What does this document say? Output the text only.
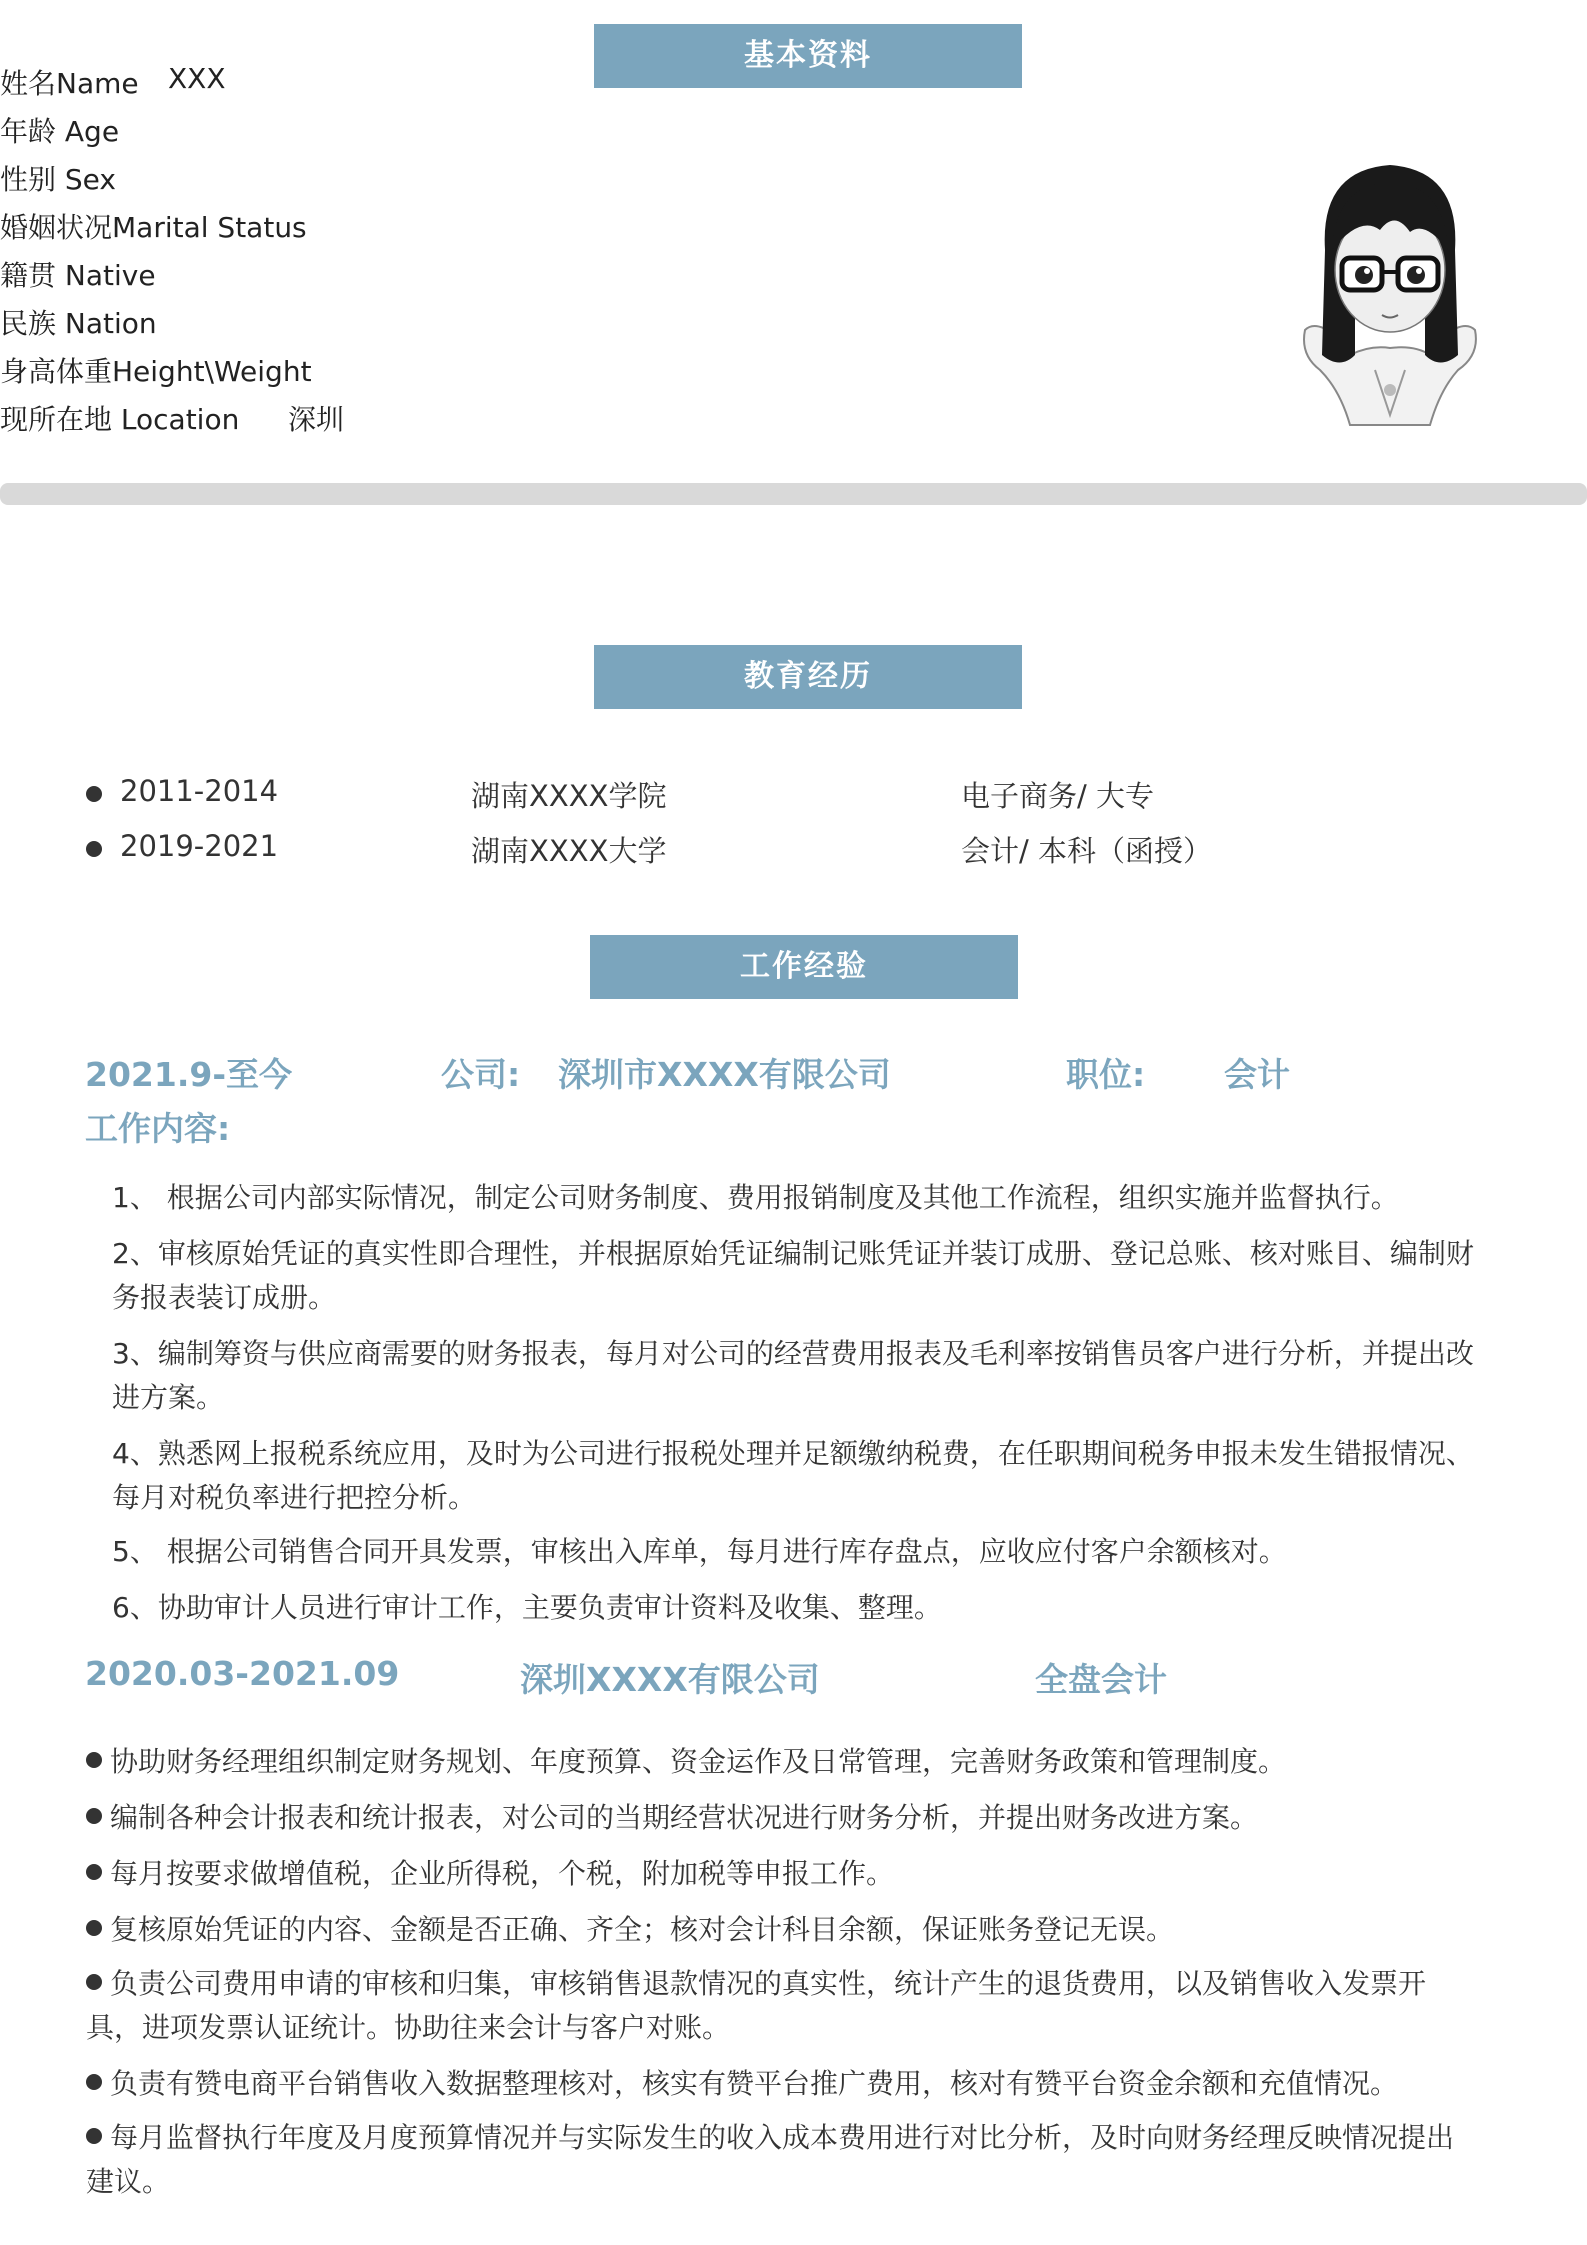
基本资料
姓名Name XXX
年龄 Age
性别 Sex
婚姻状况Marital Status
籍贯 Native
民族 Nation
身高体重Height\Weight
现所在地 Location 深圳
教育经历
2011-2014	湖南XXXX学院	电子商务/ 大专
2019-2021	湖南XXXX大学	会计/ 本科（函授）
工作经验
2021.9-至今	公司: 深圳市XXXX有限公司	职位: 会计
工作内容:
1、 根据公司内部实际情况，制定公司财务制度、费用报销制度及其他工作流程，组织实施并监督执行。
2、审核原始凭证的真实性即合理性，并根据原始凭证编制记账凭证并装订成册、登记总账、核对账目、编制财务报表装订成册。
3、编制筹资与供应商需要的财务报表，每月对公司的经营费用报表及毛利率按销售员客户进行分析，并提出改进方案。
4、熟悉网上报税系统应用，及时为公司进行报税处理并足额缴纳税费，在任职期间税务申报未发生错报情况、每月对税负率进行把控分析。
5、 根据公司销售合同开具发票，审核出入库单，每月进行库存盘点，应收应付客户余额核对。
6、协助审计人员进行审计工作，主要负责审计资料及收集、整理。
2020.03-2021.09	深圳XXXX有限公司	全盘会计
协助财务经理组织制定财务规划、年度预算、资金运作及日常管理，完善财务政策和管理制度。
编制各种会计报表和统计报表，对公司的当期经营状况进行财务分析，并提出财务改进方案。
每月按要求做增值税，企业所得税，个税，附加税等申报工作。
复核原始凭证的内容、金额是否正确、齐全；核对会计科目余额，保证账务登记无误。
负责公司费用申请的审核和归集，审核销售退款情况的真实性，统计产生的退货费用，以及销售收入发票开具，进项发票认证统计。协助往来会计与客户对账。
负责有赞电商平台销售收入数据整理核对，核实有赞平台推广费用，核对有赞平台资金余额和充值情况。
每月监督执行年度及月度预算情况并与实际发生的收入成本费用进行对比分析，及时向财务经理反映情况提出建议。
